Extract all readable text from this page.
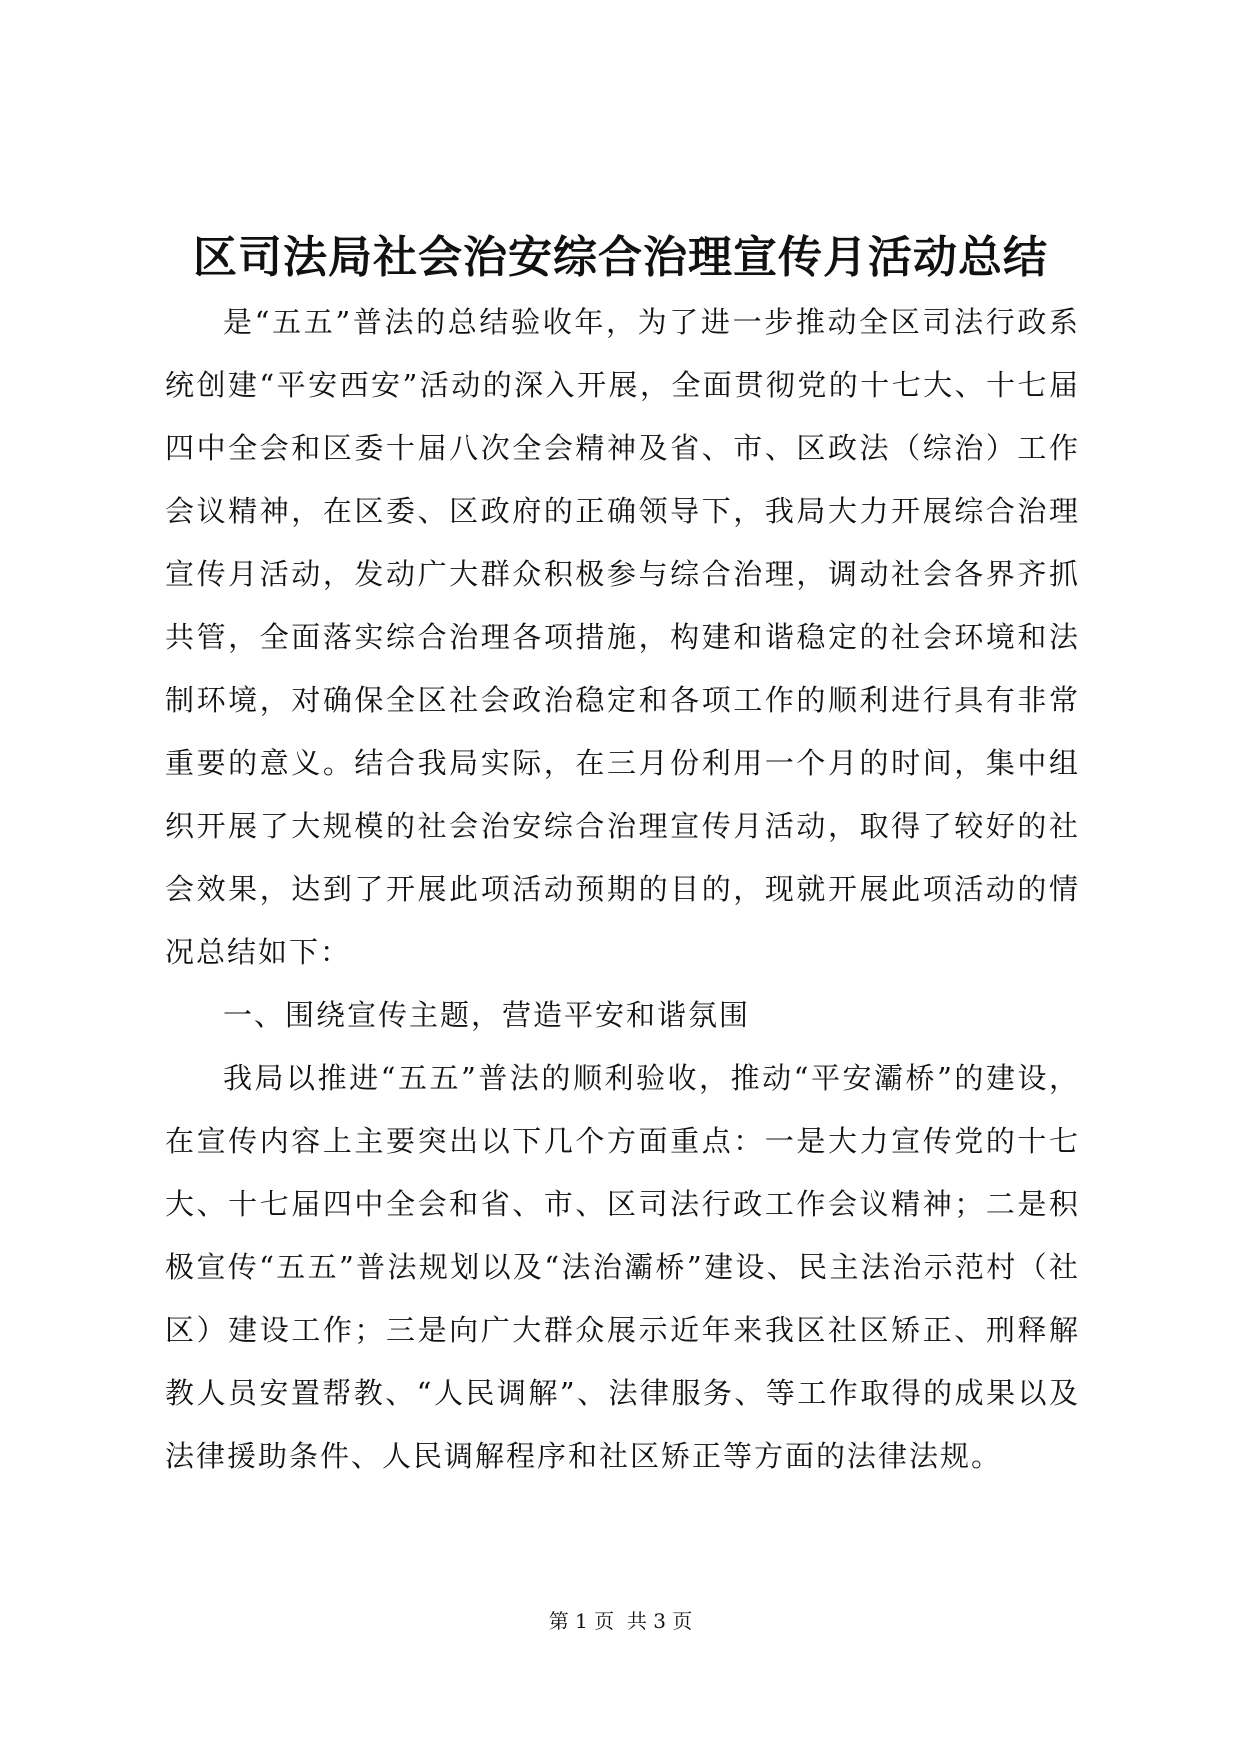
区司法局社会治安综合治理宣传月活动总结

是“五五”普法的总结验收年，为了进一步推动全区司法行政系统创建“平安西安”活动的深入开展，全面贯彻党的十七大、十七届四中全会和区委十届八次全会精神及省、市、区政法（综治）工作会议精神，在区委、区政府的正确领导下，我局大力开展综合治理宣传月活动，发动广大群众积极参与综合治理，调动社会各界齐抓共管，全面落实综合治理各项措施，构建和谐稳定的社会环境和法制环境，对确保全区社会政治稳定和各项工作的顺利进行具有非常重要的意义。结合我局实际，在三月份利用一个月的时间，集中组织开展了大规模的社会治安综合治理宣传月活动，取得了较好的社会效果，达到了开展此项活动预期的目的，现就开展此项活动的情况总结如下：

一、围绕宣传主题，营造平安和谐氛围

我局以推进“五五”普法的顺利验收，推动“平安灞桥”的建设，在宣传内容上主要突出以下几个方面重点：一是大力宣传党的十七大、十七届四中全会和省、市、区司法行政工作会议精神；二是积极宣传“五五”普法规划以及“法治灞桥”建设、民主法治示范村（社区）建设工作；三是向广大群众展示近年来我区社区矫正、刑释解教人员安置帮教、“人民调解”、法律服务、等工作取得的成果以及法律援助条件、人民调解程序和社区矫正等方面的法律法规。

第 1 页  共 3 页
